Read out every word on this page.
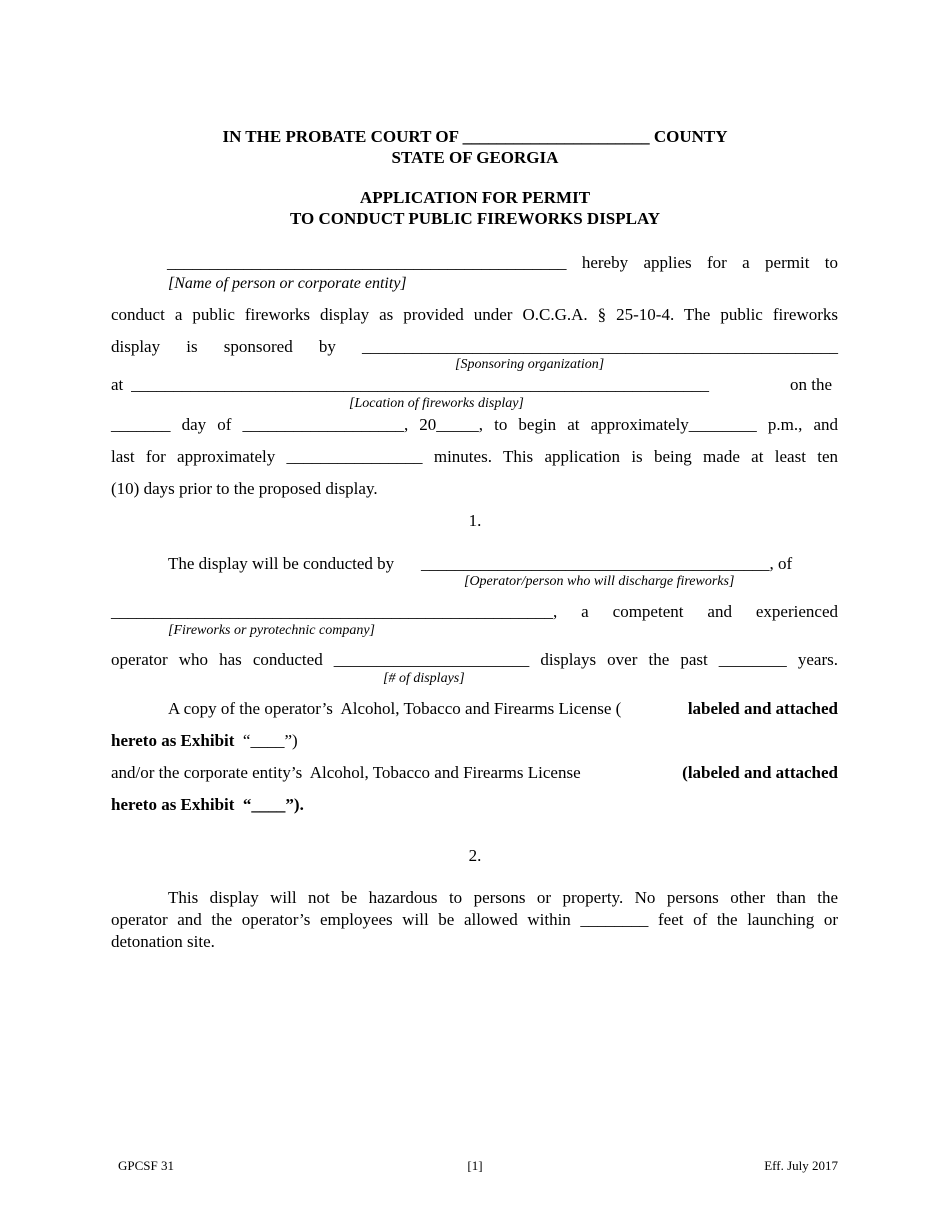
IN THE PROBATE COURT OF ______________________ COUNTY
STATE OF GEORGIA
APPLICATION FOR PERMIT
TO CONDUCT PUBLIC FIREWORKS DISPLAY
_______________________________________________ hereby applies for a permit to
[Name of person or corporate entity]
conduct a public fireworks display as provided under O.C.G.A. § 25-10-4. The public fireworks
display is sponsored by ________________________________________________________
[Sponsoring organization]
at ____________________________________________________________________	on the
[Location of fireworks display]
_______ day of ___________________, 20_____, to begin at approximately________ p.m., and
last for approximately ________________ minutes. This application is being made at least ten
(10) days prior to the proposed display.
1.
The display will be conducted by _________________________________________, of
[Operator/person who will discharge fireworks]
____________________________________________________, a competent and experienced
[Fireworks or pyrotechnic company]
operator who has conducted _______________________ displays over the past ________ years.
[# of displays]
A copy of the operator’s  Alcohol, Tobacco and Firearms License (	labeled and attached
hereto as Exhibit  “____”)
and/or the corporate entity’s  Alcohol, Tobacco and Firearms License	(labeled and attached
hereto as Exhibit  “____”).
2.
This display will not be hazardous to persons or property. No persons other than the
operator and the operator’s employees will be allowed within ________ feet of the launching or
detonation site.
GPCSF 31	[1]	Eff. July 2017
